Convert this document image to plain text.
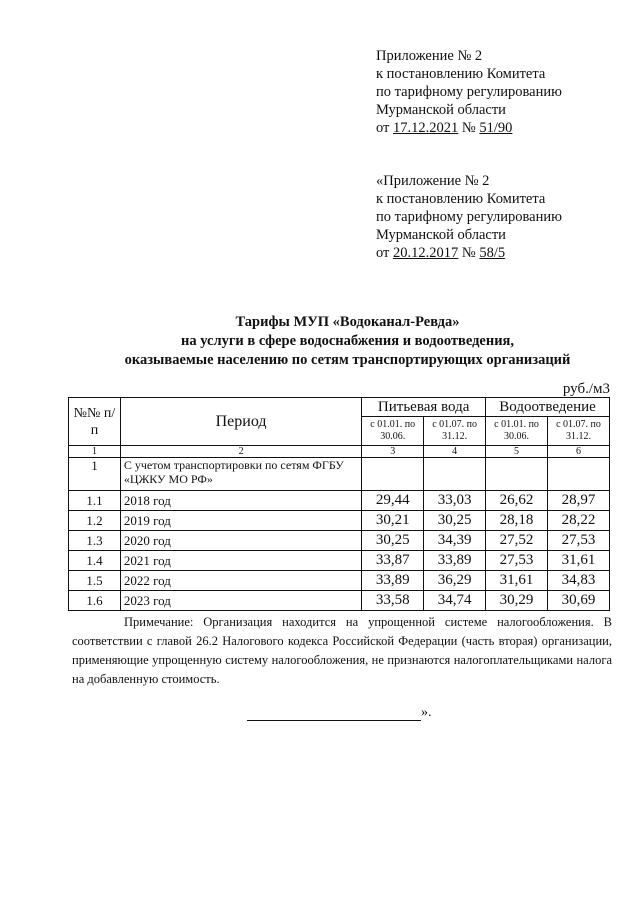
Приложение № 2
к постановлению Комитета
по тарифному регулированию
Мурманской области
от 17.12.2021 № 51/90
«Приложение № 2
к постановлению Комитета
по тарифному регулированию
Мурманской области
от 20.12.2017 № 58/5
Тарифы МУП «Водоканал-Ревда»
на услуги в сфере водоснабжения и водоотведения,
оказываемые населению по сетям транспортирующих организаций
руб./м3
№№ п/п	Период	Питьевая вода		Водоотведение	
		с 01.01. по 30.06.	с 01.07. по 31.12.	с 01.01. по 30.06.	с 01.07. по 31.12.
1	2	3	4	5	6
1	С учетом транспортировки по сетям ФГБУ «ЦЖКУ МО РФ»				
1.1	2018 год	29,44	33,03	26,62	28,97
1.2	2019 год	30,21	30,25	28,18	28,22
1.3	2020 год	30,25	34,39	27,52	27,53
1.4	2021 год	33,87	33,89	27,53	31,61
1.5	2022 год	33,89	36,29	31,61	34,83
1.6	2023 год	33,58	34,74	30,29	30,69

Примечание: Организация находится на упрощенной системе налогообложения. В соответствии с главой 26.2 Налогового кодекса Российской Федерации (часть вторая) организации, применяющие упрощенную систему налогообложения, не признаются налогоплательщиками налога на добавленную стоимость.

».
